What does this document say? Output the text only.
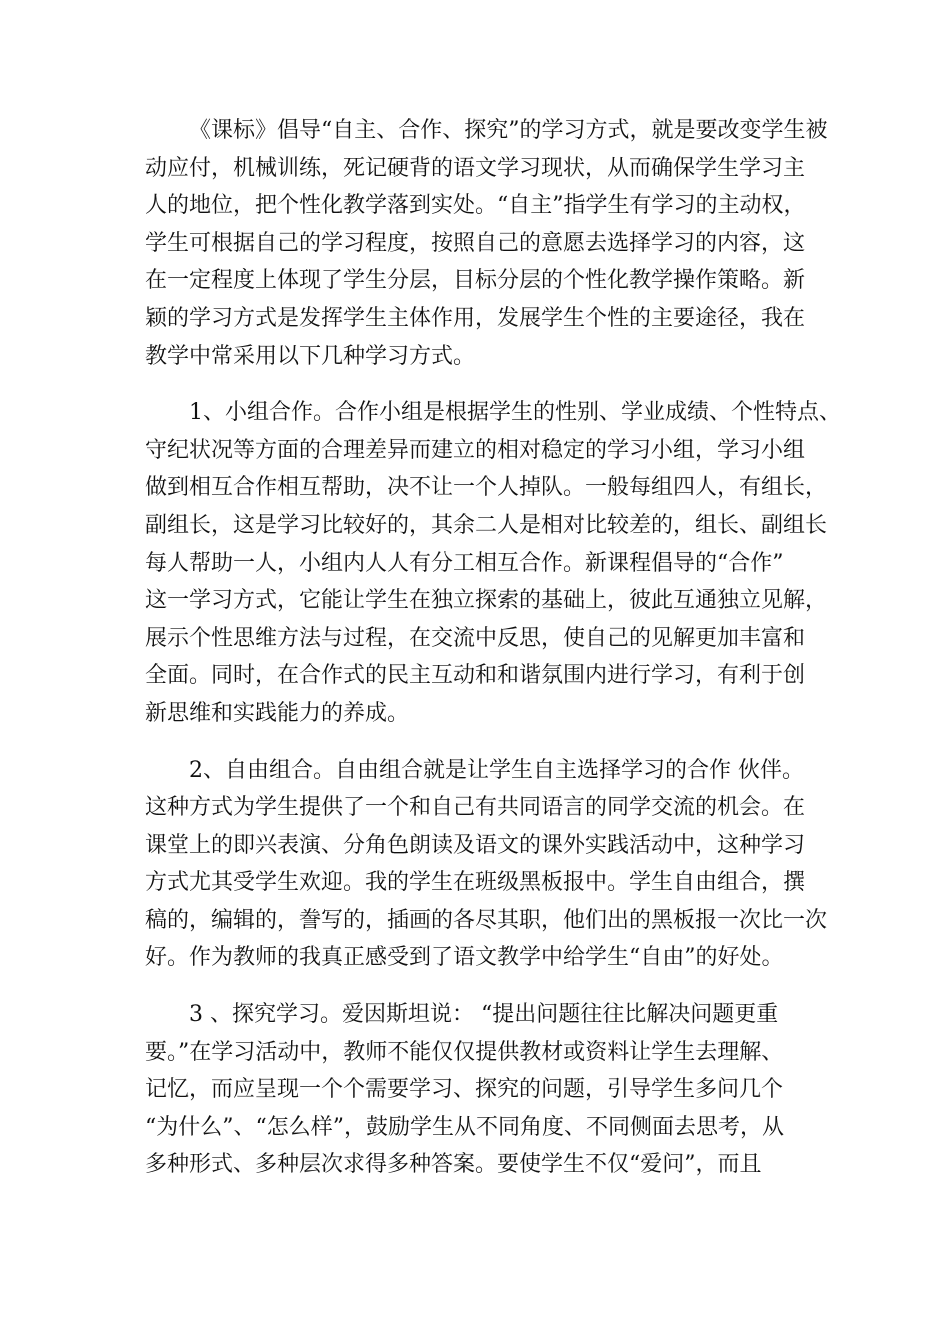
《课标》倡导“自主、合作、探究”的学习方式，就是要改变学生被
动应付，机械训练，死记硬背的语文学习现状，从而确保学生学习主
人的地位，把个性化教学落到实处。“自主”指学生有学习的主动权，
学生可根据自己的学习程度，按照自己的意愿去选择学习的内容，这
在一定程度上体现了学生分层，目标分层的个性化教学操作策略。新
颖的学习方式是发挥学生主体作用，发展学生个性的主要途径，我在
教学中常采用以下几种学习方式。
1、小组合作。合作小组是根据学生的性别、学业成绩、个性特点、
守纪状况等方面的合理差异而建立的相对稳定的学习小组，学习小组
做到相互合作相互帮助，决不让一个人掉队。一般每组四人，有组长，
副组长，这是学习比较好的，其余二人是相对比较差的，组长、副组长
每人帮助一人，小组内人人有分工相互合作。新课程倡导的“合作”
这一学习方式，它能让学生在独立探索的基础上，彼此互通独立见解，
展示个性思维方法与过程，在交流中反思，使自己的见解更加丰富和
全面。同时，在合作式的民主互动和和谐氛围内进行学习，有利于创
新思维和实践能力的养成。
2、自由组合。自由组合就是让学生自主选择学习的合作 伙伴。
这种方式为学生提供了一个和自己有共同语言的同学交流的机会。在
课堂上的即兴表演、分角色朗读及语文的课外实践活动中，这种学习
方式尤其受学生欢迎。我的学生在班级黑板报中。学生自由组合，撰
稿的，编辑的，誊写的，插画的各尽其职，他们出的黑板报一次比一次
好。作为教师的我真正感受到了语文教学中给学生“自由”的好处。
3 、探究学习。爱因斯坦说： “提出问题往往比解决问题更重
要。”在学习活动中，教师不能仅仅提供教材或资料让学生去理解、
记忆，而应呈现一个个需要学习、探究的问题，引导学生多问几个
“为什么”、“怎么样”，鼓励学生从不同角度、不同侧面去思考，从
多种形式、多种层次求得多种答案。要使学生不仅“爱问”，而且
